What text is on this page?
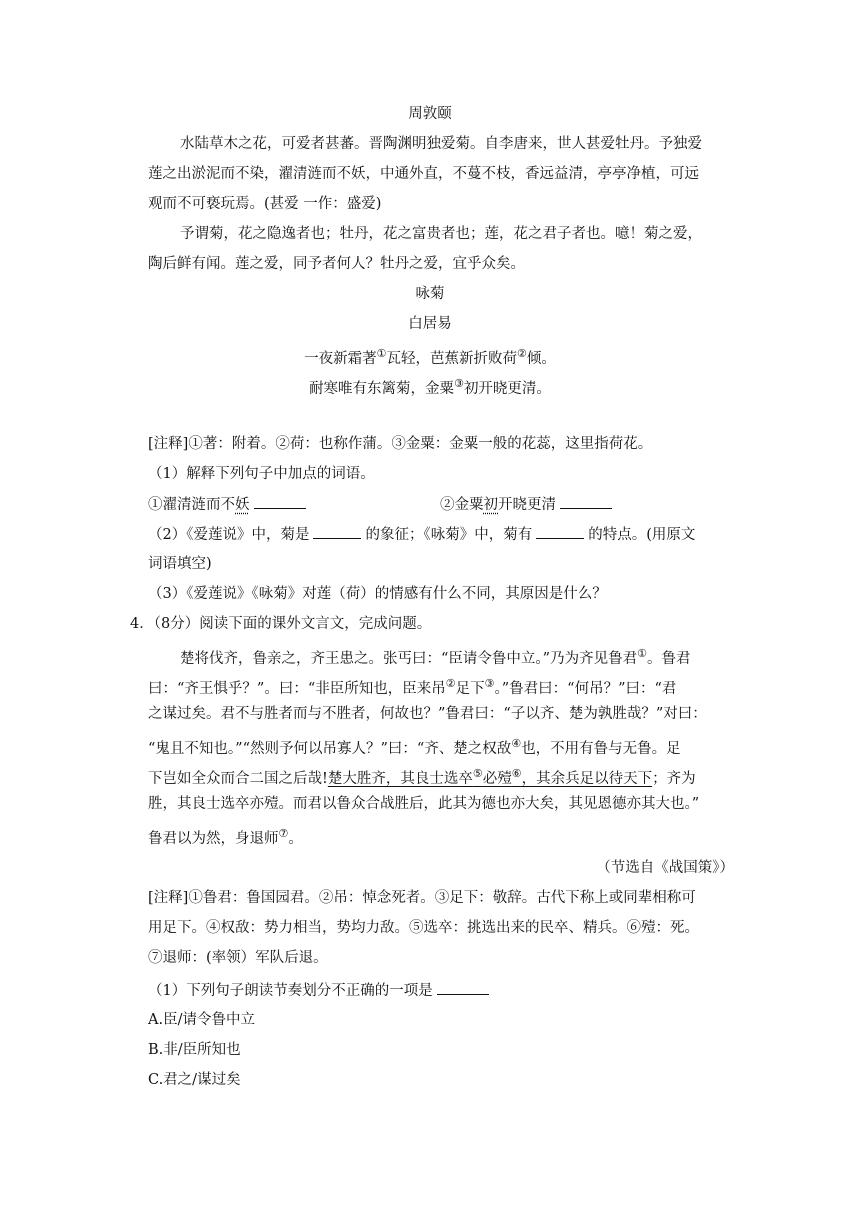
周敦颐
水陆草木之花，可爱者甚蕃。晋陶渊明独爱菊。自李唐来，世人甚爱牡丹。予独爱
莲之出淤泥而不染，濯清涟而不妖，中通外直，不蔓不枝，香远益清，亭亭净植，可远
观而不可亵玩焉。(甚爱 一作：盛爱)
予谓菊，花之隐逸者也；牡丹，花之富贵者也；莲，花之君子者也。噫！菊之爱，
陶后鲜有闻。莲之爱，同予者何人？牡丹之爱，宜乎众矣。
咏菊
白居易
一夜新霜著①瓦轻，芭蕉新折败荷②倾。
耐寒唯有东篱菊，金粟③初开晓更清。
[注释]①著：附着。②荷：也称作蒲。③金粟：金粟一般的花蕊，这里指荷花。
（1）解释下列句子中加点的词语。
①濯清涟而不妖	②金粟初开晓更清
（2）《爱莲说》中，菊是	的象征；《咏菊》中，菊有	的特点。(用原文
词语填空)
（3）《爱莲说》《咏菊》对莲（荷）的情感有什么不同，其原因是什么？
4．（8分）阅读下面的课外文言文，完成问题。
楚将伐齐，鲁亲之，齐王患之。张丐曰：“臣请令鲁中立。”乃为齐见鲁君①。鲁君
曰：“齐王惧乎？”。曰：“非臣所知也，臣来吊②足下③。”鲁君曰：“何吊？”曰：“君
之谋过矣。君不与胜者而与不胜者，何故也？”鲁君曰：“子以齐、楚为孰胜哉？”对曰：
“鬼且不知也。”“然则予何以吊寡人？”曰：“齐、楚之权敌④也，不用有鲁与无鲁。足
下岂如全众而合二国之后哉!楚大胜齐，其良士选卒⑤必殪⑥，其余兵足以待天下；齐为
胜，其良士选卒亦殪。而君以鲁众合战胜后，此其为德也亦大矣，其见恩德亦其大也。”
鲁君以为然，身退师⑦。
（节选自《战国策》）
[注释]①鲁君：鲁国园君。②吊：悼念死者。③足下：敬辞。古代下称上或同辈相称可
用足下。④权敌：势力相当，势均力敌。⑤选卒：挑选出来的民卒、精兵。⑥殪：死。
⑦退师：(率领）军队后退。
（1）下列句子朗读节奏划分不正确的一项是
A.臣/请令鲁中立
B.非/臣所知也
C.君之/谋过矣
